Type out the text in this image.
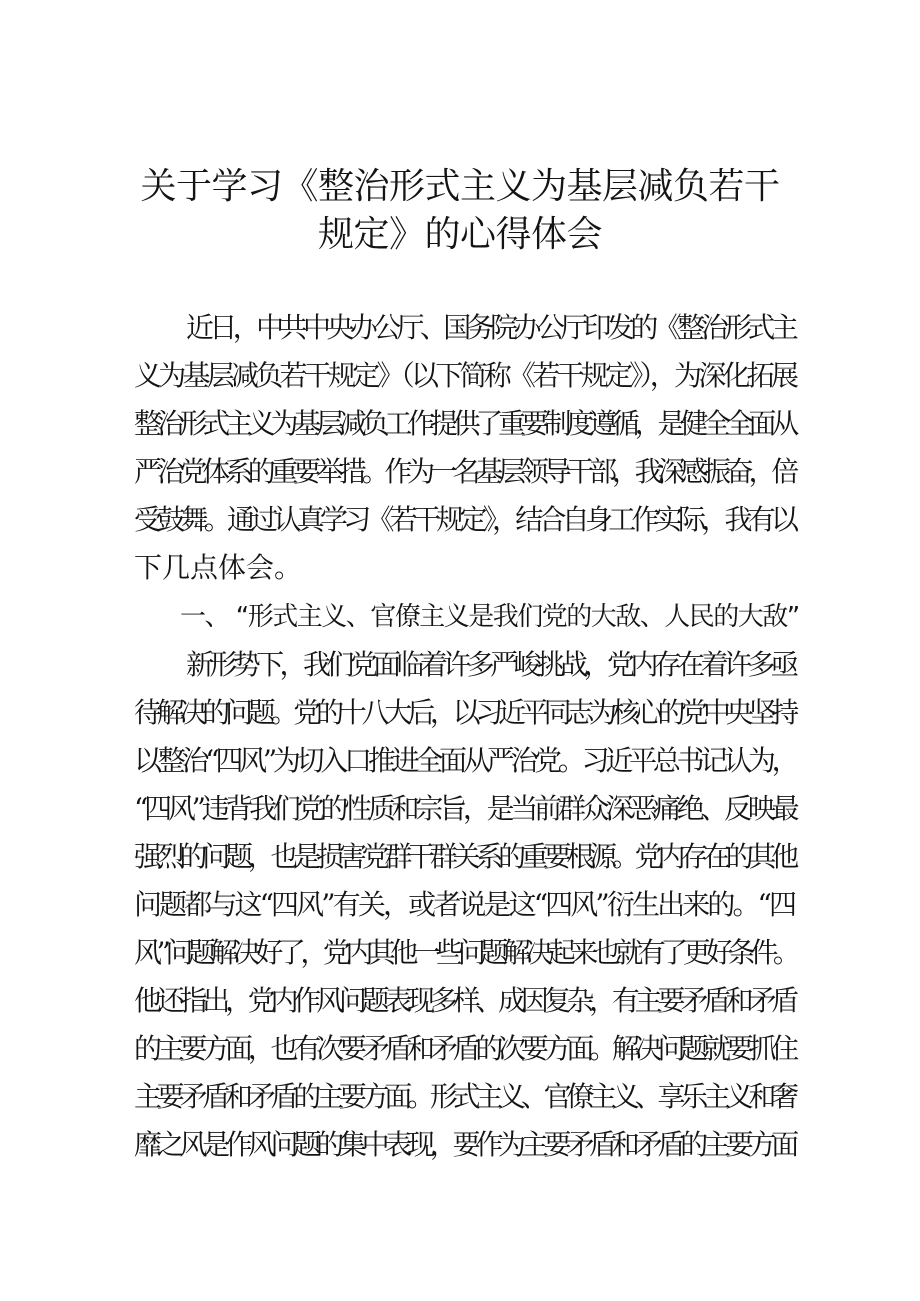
关于学习《整治形式主义为基层减负若干
规定》的心得体会

近日，中共中央办公厅、国务院办公厅印发的《整治形式主

义为基层减负若干规定》（以下简称《若干规定》），为深化拓展

整治形式主义为基层减负工作提供了重要制度遵循，是健全全面从

严治党体系的重要举措。作为一名基层领导干部，我深感振奋，倍

受鼓舞。通过认真学习《若干规定》，结合自身工作实际，我有以

下几点体会。

一、 “形式主义、官僚主义是我们党的大敌、人民的大敌”

新形势下，我们党面临着许多严峻挑战，党内存在着许多亟

待解决的问题。党的十八大后，以习近平同志为核心的党中央坚持

以整治“四风”为切入口推进全面从严治党。习近平总书记认为，

“四风”违背我们党的性质和宗旨，是当前群众深恶痛绝、反映最

强烈的问题，也是损害党群干群关系的重要根源。党内存在的其他

问题都与这“四风”有关，或者说是这“四风”衍生出来的。“四

风”问题解决好了，党内其他一些问题解决起来也就有了更好条件。

他还指出，党内作风问题表现多样、成因复杂，有主要矛盾和矛盾

的主要方面，也有次要矛盾和矛盾的次要方面。解决问题就要抓住

主要矛盾和矛盾的主要方面。形式主义、官僚主义、享乐主义和奢

靡之风是作风问题的集中表现，要作为主要矛盾和矛盾的主要方面
